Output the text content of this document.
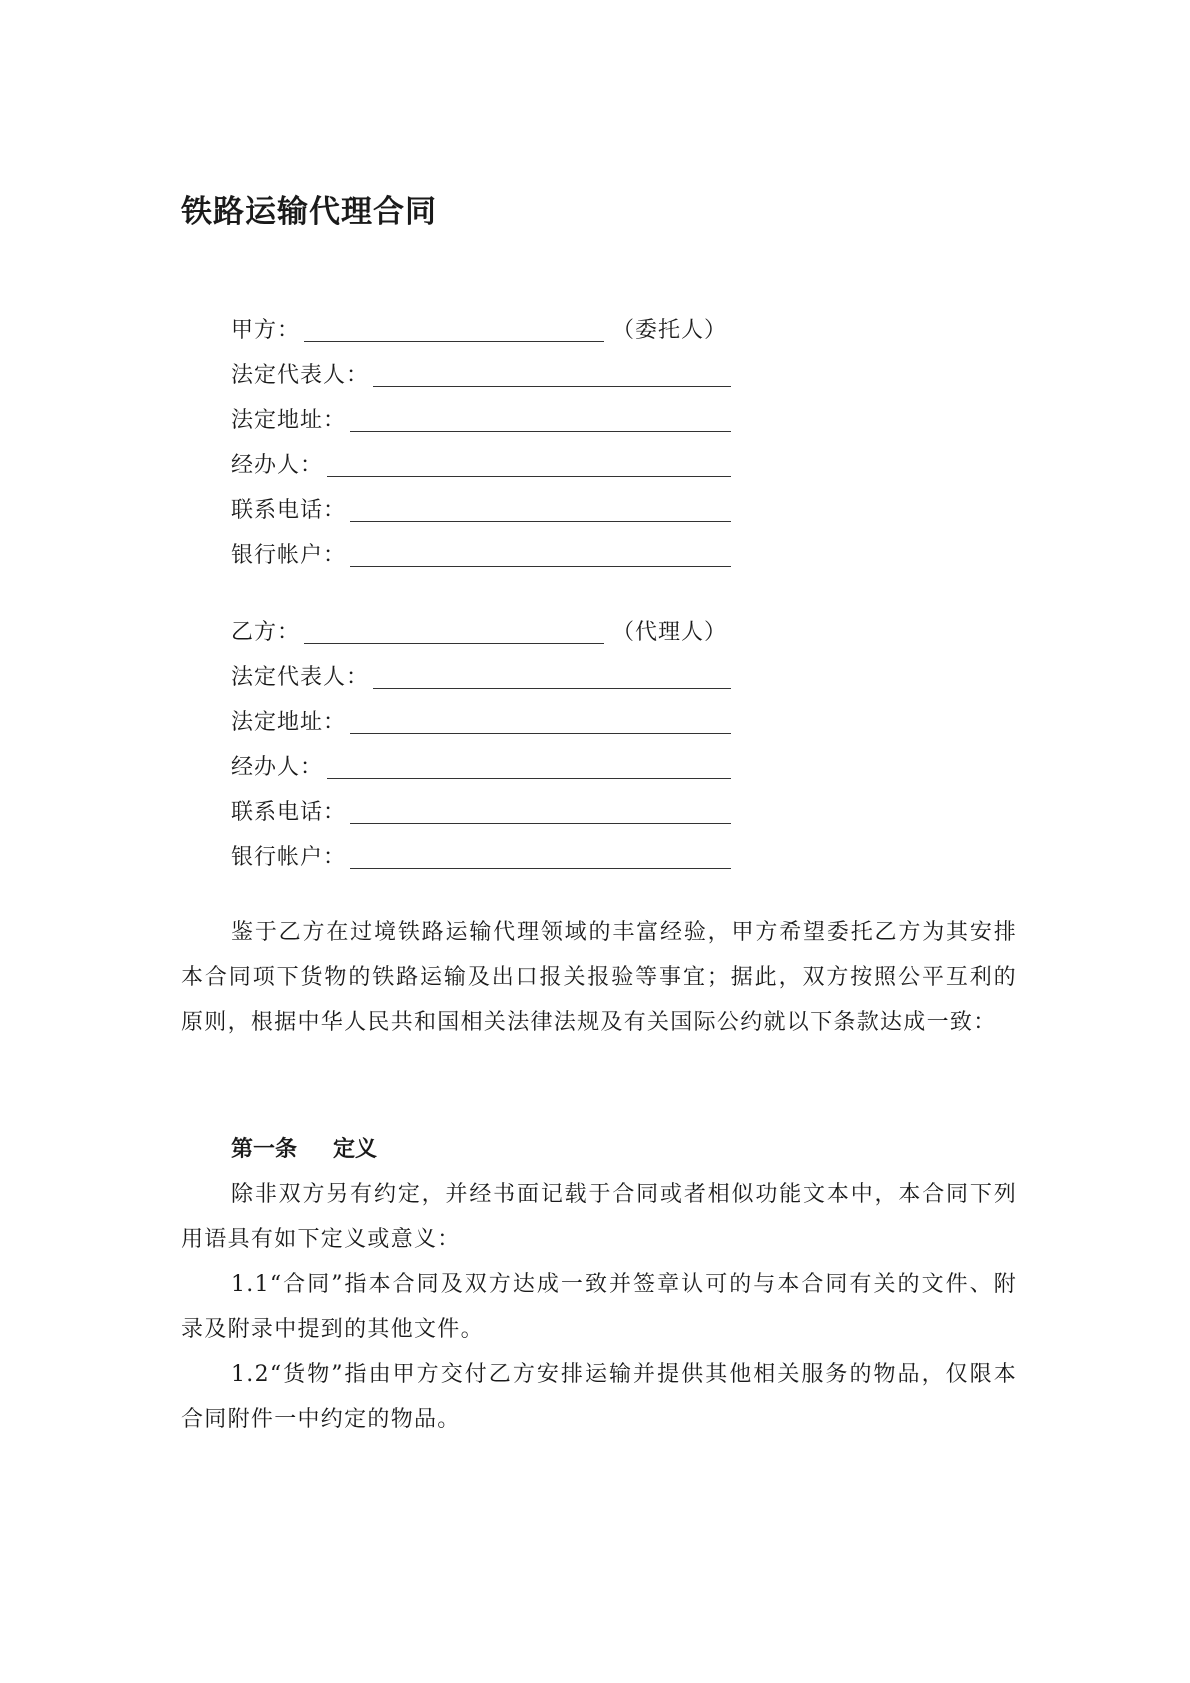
铁路运输代理合同
甲方：	（委托人）
法定代表人：
法定地址：
经办人：
联系电话：
银行帐户：
乙方：	（代理人）
法定代表人：
法定地址：
经办人：
联系电话：
银行帐户：

鉴于乙方在过境铁路运输代理领域的丰富经验，甲方希望委托乙方为其安排本合同项下货物的铁路运输及出口报关报验等事宜；据此，双方按照公平互利的原则，根据中华人民共和国相关法律法规及有关国际公约就以下条款达成一致：

第一条 定义

除非双方另有约定，并经书面记载于合同或者相似功能文本中，本合同下列用语具有如下定义或意义：

1.1“合同”指本合同及双方达成一致并签章认可的与本合同有关的文件、附录及附录中提到的其他文件。

1.2“货物”指由甲方交付乙方安排运输并提供其他相关服务的物品，仅限本合同附件一中约定的物品。
